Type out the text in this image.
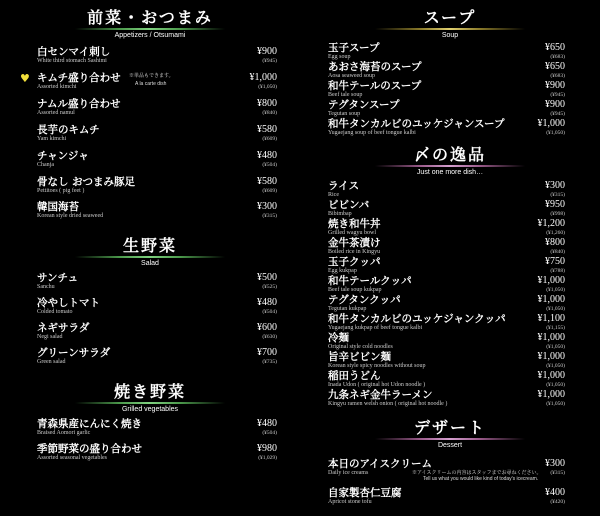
前菜・おつまみ
Appetizers / Otsumami
白センマイ刺し
White third stomach Sashimi
¥900
(¥945)
♥ キムチ盛り合わせ
Assorted kimchi
※単品もできます。
A la carte dish
¥1,000
(¥1,050)
ナムル盛り合わせ
Assorted namul
¥800
(¥840)
長芋のキムチ
Yam kimchi
¥580
(¥609)
チャンジャ
Chanja
¥480
(¥504)
骨なし おつまみ豚足
Pettitoes ( pig feet )
¥580
(¥609)
韓国海苔
Korean style dried seaweed
¥300
(¥315)
生野菜
Salad
サンチュ
Sanchu
¥500
(¥525)
冷やしトマト
Colded tomato
¥480
(¥504)
ネギサラダ
Negi salad
¥600
(¥630)
グリーンサラダ
Green salad
¥700
(¥735)
焼き野菜
Grilled vegetables
青森県産にんにく焼き
Braised Aomori garlic
¥480
(¥504)
季節野菜の盛り合わせ
Assorted seasonal vegetables
¥980
(¥1,029)
スープ
Soup
玉子スープ
Egg soup
¥650
(¥683)
あおさ海苔のスープ
Aosa seaweed soup
¥650
(¥683)
和牛テールのスープ
Beef tale soup
¥900
(¥945)
テグタンスープ
Tegutan soup
¥900
(¥945)
和牛タンカルビのユッケジャンスープ
Yugaejang soup of beef tongue kalbi
¥1,000
(¥1,050)
〆の逸品
Just one more dish…
ライス
Rice
¥300
(¥315)
ビビンバ
Bibimbap
¥950
(¥998)
焼き和牛丼
Grilled wagyu bowl
¥1,200
(¥1,260)
金牛茶漬け
Boiled rice in Kingyu
¥800
(¥840)
玉子クッパ
Egg kukpap
¥750
(¥788)
和牛テールクッパ
Beef tale soup kukpap
¥1,000
(¥1,050)
テグタンクッパ
Tegutan kukpap
¥1,000
(¥1,050)
和牛タンカルビのユッケジャンクッパ
Yugaejang kukpap of beef tongue kalbi
¥1,100
(¥1,155)
冷麺
Original style cold noodles
¥1,000
(¥1,050)
旨辛ビビン麺
Korean style spicy noodles without soup
¥1,000
(¥1,050)
稲田うどん
Inada Udon ( original hot Udon noodle )
¥1,000
(¥1,050)
九条ネギ金牛ラーメン
Kingyu ramen welsh onion ( original hot noodle )
¥1,000
(¥1,050)
デザート
Dessert
本日のアイスクリーム
Daily ice creams	※アイスクリームの内容はスタッフまでお尋ねください。
Tell us what you would like kind of today's icecream.
¥300
(¥315)
自家製杏仁豆腐
Apricot stone tofu
¥400
(¥420)
